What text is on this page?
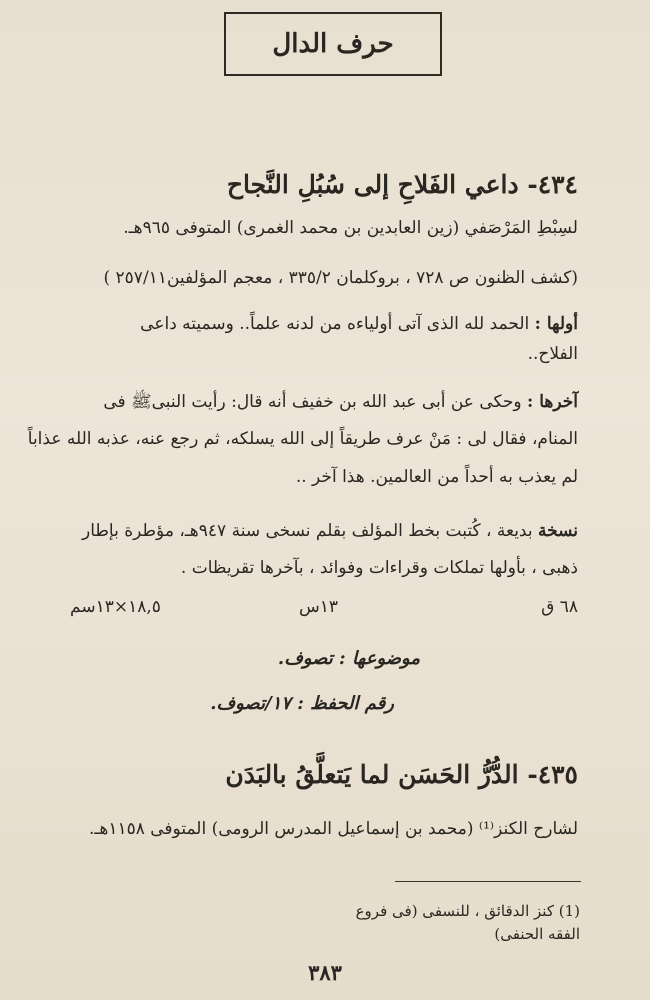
حرف الدال
٤٣٤- داعي الفَلاحِ إلى سُبُلِ النَّجاح
لسِبْطِ المَرْصَفي (زين العابدين بن محمد الغمرى) المتوفى ٩٦٥هـ.
(كشف الظنون ص ٧٢٨ ، بروكلمان ٣٣٥/٢ ، معجم المؤلفين٢٥٧/١١ )
أولها : الحمد لله الذى آتى أولياءه من لدنه علماً.. وسميته داعى
الفلاح..
آخرها : وحكى عن أبى عبد الله بن خفيف أنه قال: رأيت النبىﷺ فى
المنام، فقال لى : مَنْ عرف طريقاً إلى الله يسلكه، ثم رجع عنه، عذبه الله عذاباً
لم يعذب به أحداً من العالمين. هذا آخر ..
نسخة بديعة ، كُتبت بخط المؤلف بقلم نسخى سنة ٩٤٧هـ، مؤطرة بإطار
ذهبى ، بأولها تملكات وقراءات وفوائد ، بآخرها تقريظات .
٦٨ ق
١٣س
١٨,٥×١٣سم
موضوعها : تصوف.
رقم الحفظ : ١٧/تصوف.
٤٣٥- الدُّرُّ الحَسَن لما يَتعلَّقُ بالبَدَن
لشارح الكنز⁽¹⁾ (محمد بن إسماعيل المدرس الرومى) المتوفى ١١٥٨هـ.
(1) كنز الدقائق ، للنسفى (فى فروع الفقه الحنفى)
٣٨٣
